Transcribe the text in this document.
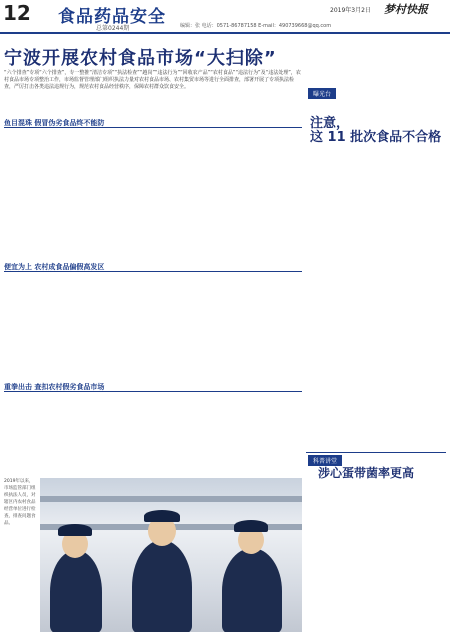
12 食品药品安全
总第0244期
2019年3月2日 梦村快报
编辑：张 电话：0571-86787158 E-mail：490739668@qq.com
宁波开展农村食品市场“大扫除”
“六个排查”专项“六个排查”，专一整推“清洁专项”“执法检查”“越岗”“违法行为”“回收农产品”“农村食品”“违法行为”及“违法处理”，农村食品市场专项整治工作，市场监督管理部门组织执法力量对农村食品市场、农村集贸市场等进行全面排查，部署开展了专项执法检查，严厉打击各类违法违规行为，规范农村食品经营秩序，保障农村群众饮食安全。
鱼目混珠 假冒伪劣食品终不能防
便宜为上 农村成食品偏假高发区
重拳出击 查扣农村假劣食品市场
曝光台
注意，
这 11 批次食品不合格
2019年以来，市场监管部门组织执法人员，对辖区内农村食品经营单位进行检查，排查问题食品。
科普讲堂
涉心蛋带菌率更高
